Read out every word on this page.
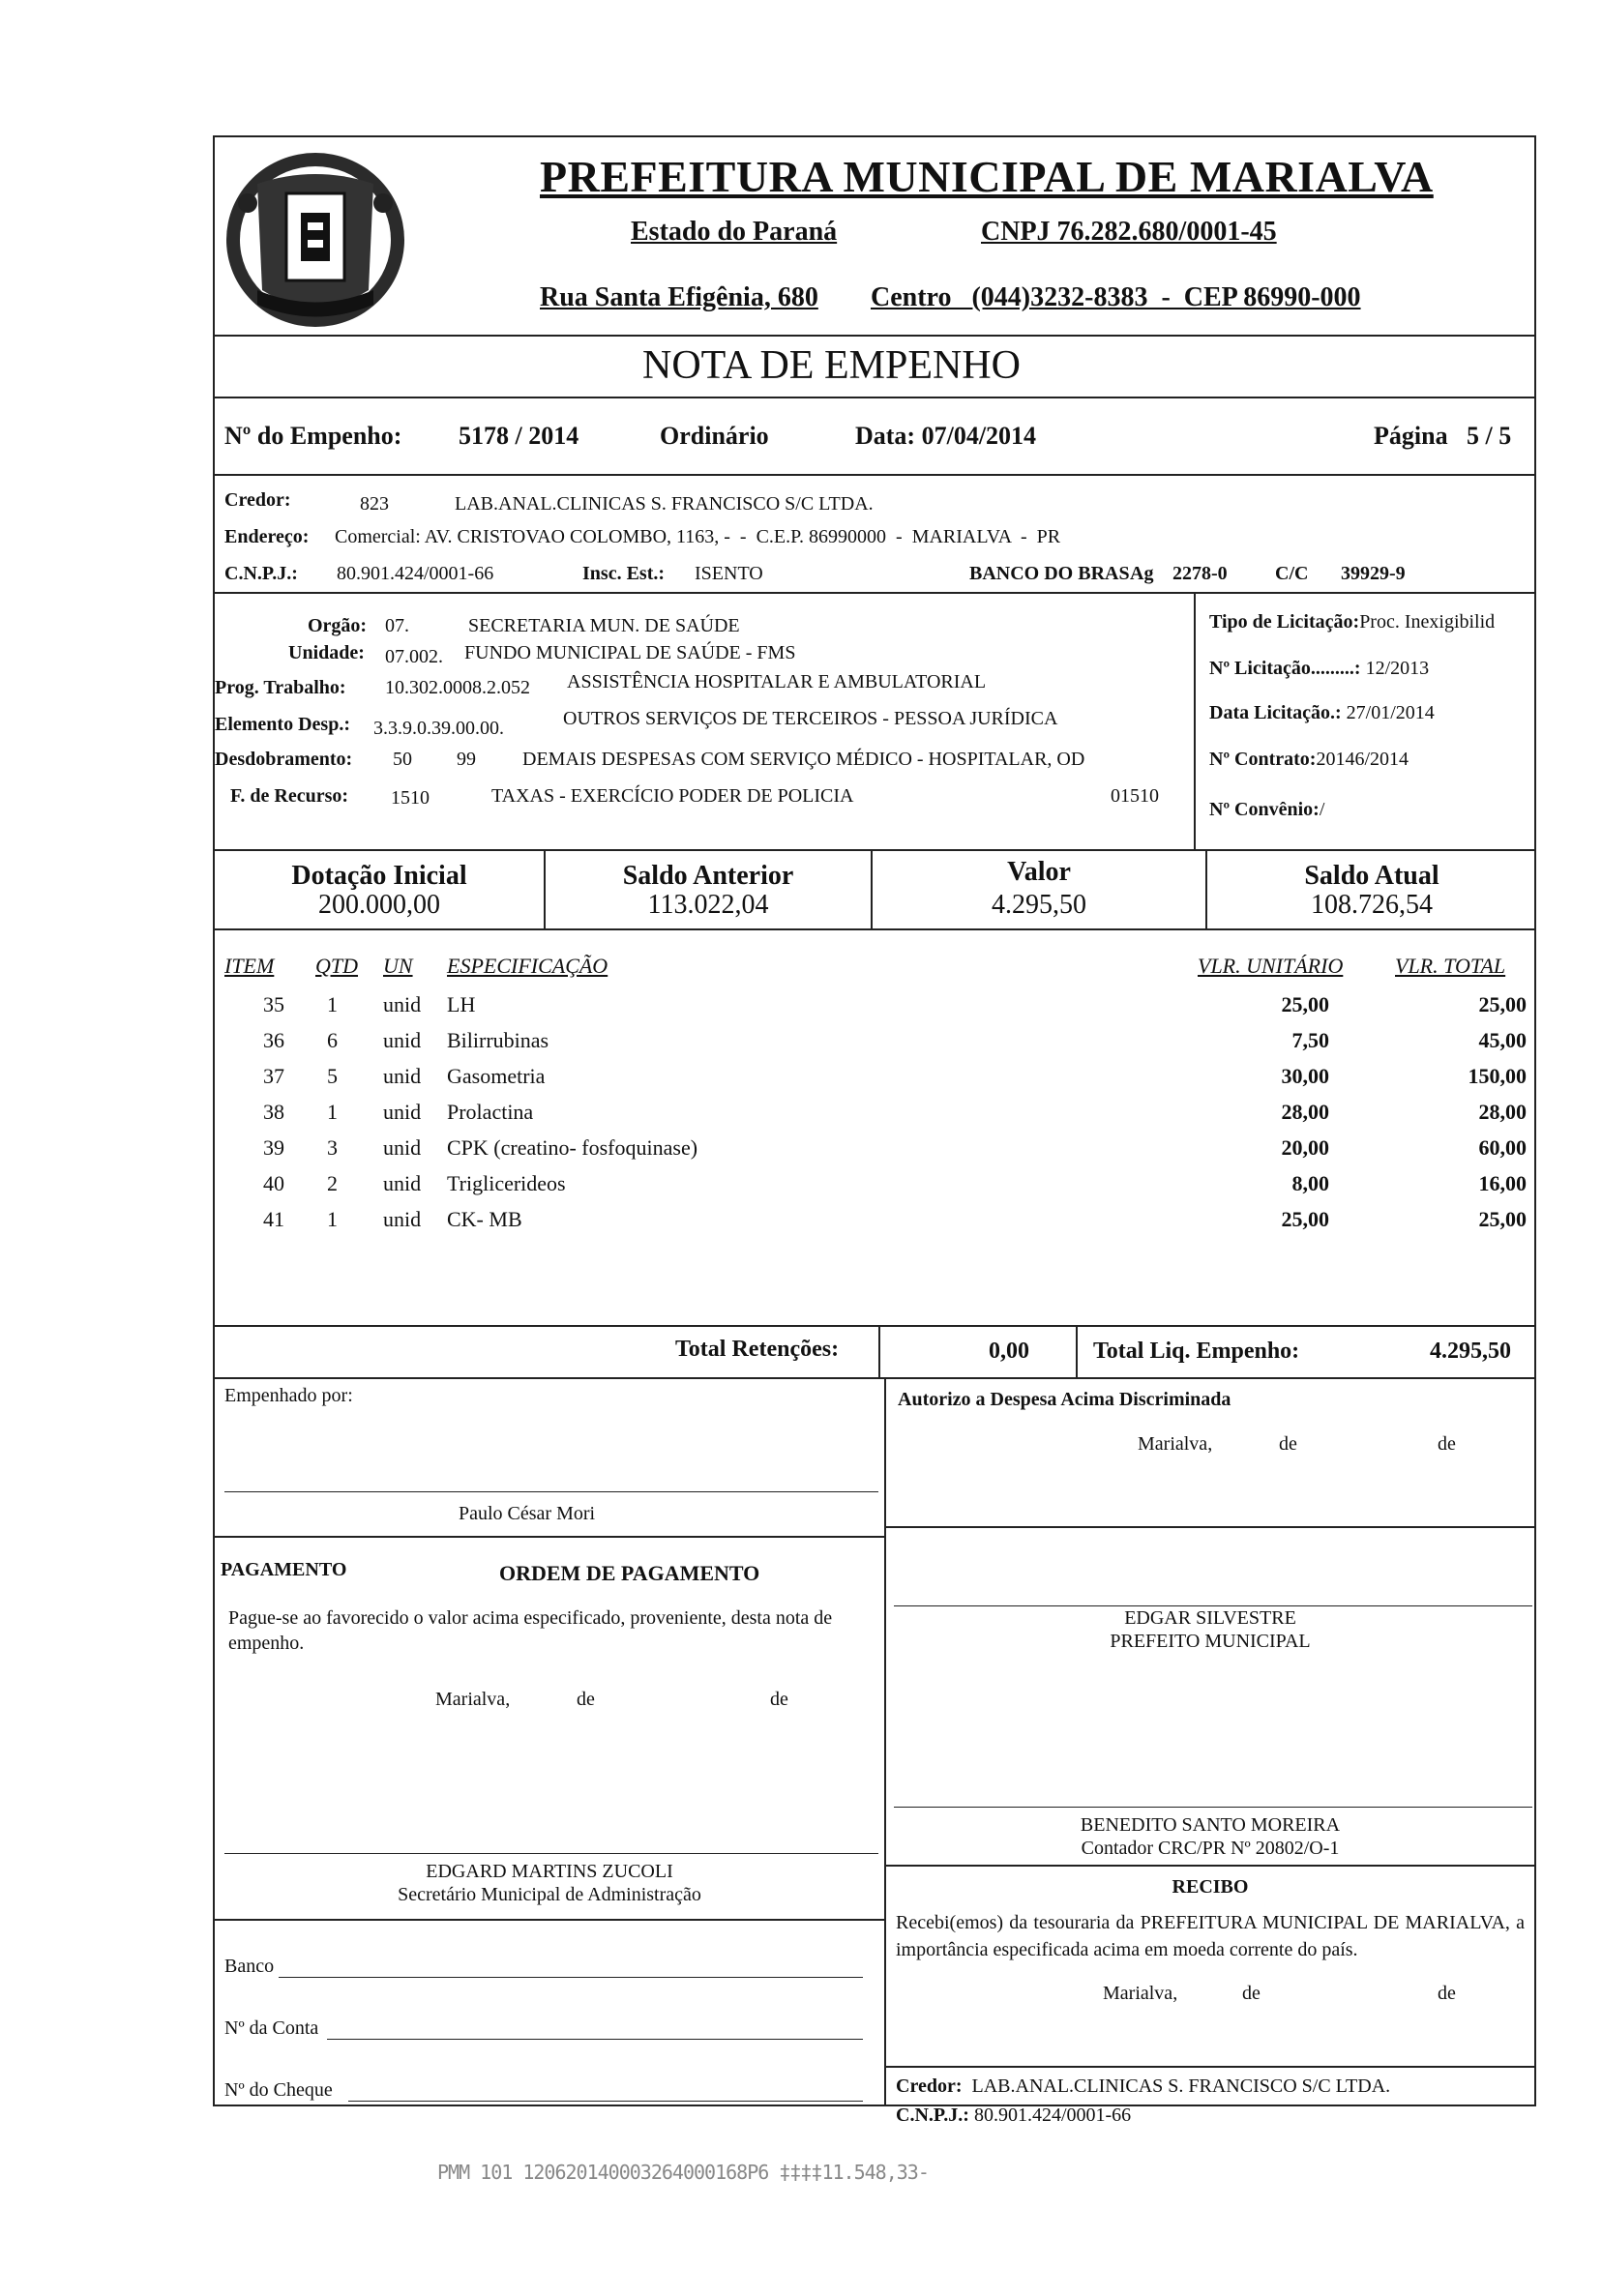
PREFEITURA MUNICIPAL DE MARIALVA
Estado do Paraná	CNPJ 76.282.680/0001-45
Rua Santa Efigênia, 680 Centro   (044)3232-8383  -  CEP 86990-000
NOTA DE EMPENHO
Nº do Empenho: 5178 / 2014	Ordinário	Data: 07/04/2014	Página 5 / 5
Credor:	823	LAB.ANAL.CLINICAS S. FRANCISCO S/C LTDA.
Endereço: Comercial: AV. CRISTOVAO COLOMBO, 1163, -  -  C.E.P. 86990000  -  MARIALVA  -  PR
C.N.P.J.: 80.901.424/0001-66	Insc. Est.: ISENTO	BANCO DO BRAS Ag 2278-0 C/C 39929-9
Orgão: 07.	SECRETARIA MUN. DE SAÚDE
Unidade: 07.002. FUNDO MUNICIPAL DE SAÚDE - FMS
Prog. Trabalho: 10.302.0008.2.052 ASSISTÊNCIA HOSPITALAR E AMBULATORIAL
Elemento Desp.: 3.3.9.0.39.00.00.	OUTROS SERVIÇOS DE TERCEIROS - PESSOA JURÍDICA
Desdobramento: 50 99 DEMAIS DESPESAS COM SERVIÇO MÉDICO - HOSPITALAR, OD
F. de Recurso: 1510	TAXAS - EXERCÍCIO PODER DE POLICIA	01510
Tipo de Licitação:Proc. Inexigibilid
Nº Licitação.........: 12/2013
Data Licitação.: 27/01/2014
Nº Contrato:20146/2014
Nº Convênio:/
Dotação Inicial
200.000,00
Saldo Anterior
113.022,04
Valor
4.295,50
Saldo Atual
108.726,54
ITEM QTD UN ESPECIFICAÇÃO	VLR. UNITÁRIO VLR. TOTAL
35 1 unid LH	25,00	25,00
36 6 unid Bilirrubinas	7,50	45,00
37 5 unid Gasometria	30,00	150,00
38 1 unid Prolactina	28,00	28,00
39 3 unid CPK (creatino- fosfoquinase)	20,00	60,00
40 2 unid Triglicerideos	8,00	16,00
41 1 unid CK- MB	25,00	25,00
Total Retenções:	0,00	Total Liq. Empenho:	4.295,50
Empenhado por:
Paulo César Mori
Autorizo a Despesa Acima Discriminada
Marialva,	de	de
PAGAMENTO	ORDEM DE PAGAMENTO
Pague-se ao favorecido o valor acima especificado, proveniente, desta nota de empenho.
Marialva,	de	de
EDGAR SILVESTRE
PREFEITO MUNICIPAL
BENEDITO SANTO MOREIRA
Contador CRC/PR Nº 20802/O-1
EDGARD MARTINS ZUCOLI
Secretário Municipal de Administração	RECIBO
Recebi(emos) da tesouraria da PREFEITURA MUNICIPAL DE MARIALVA, a importância especificada acima em moeda corrente do país.
Marialva,	de	de
Banco
Nº da Conta
Nº do Cheque	Credor: LAB.ANAL.CLINICAS S. FRANCISCO S/C LTDA.
C.N.P.J.: 80.901.424/0001-66
PMM 101 120620140003264000168P6 ‡‡‡‡11.548,33-
